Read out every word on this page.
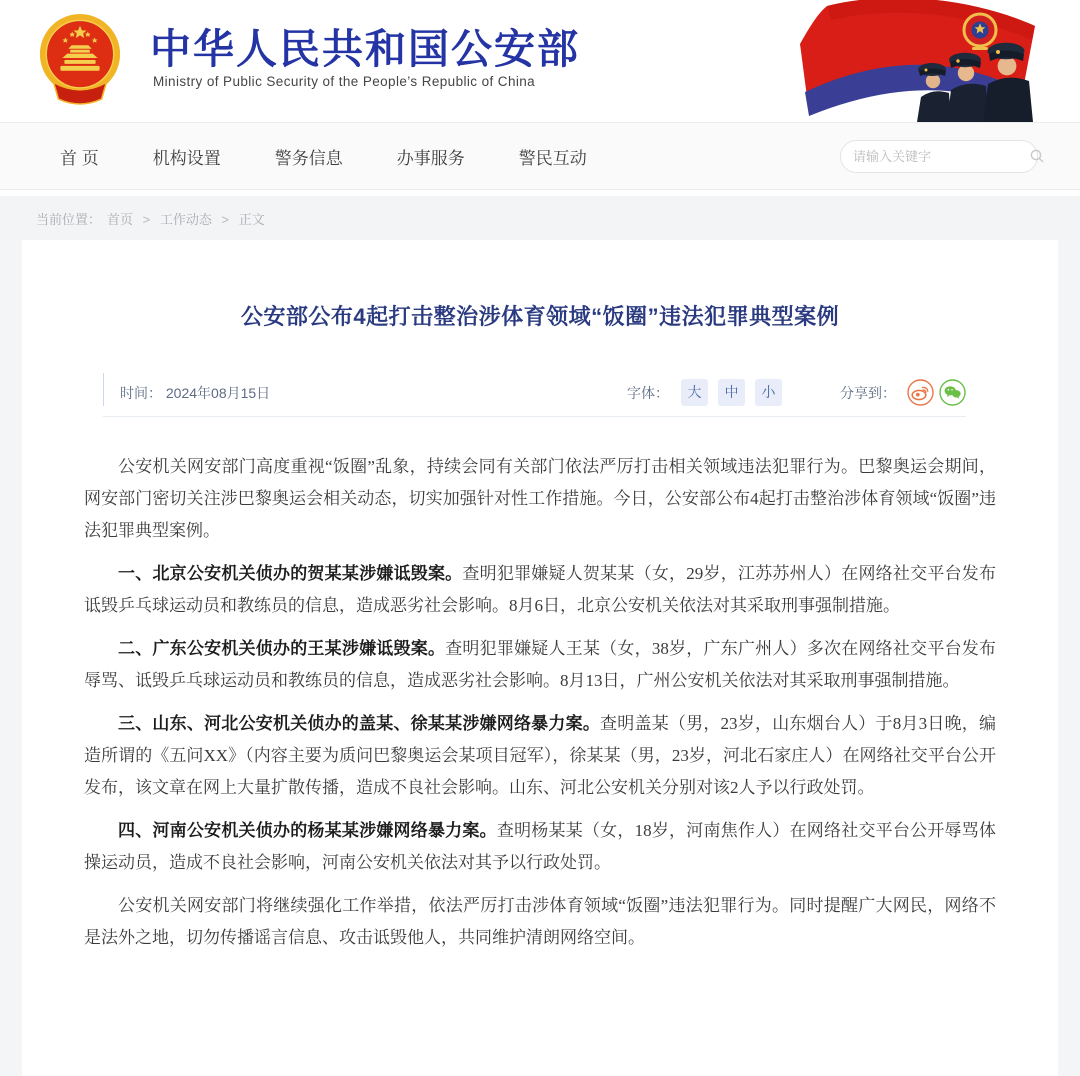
中华人民共和国公安部
Ministry of Public Security of the People’s Republic of China
首 页	机构设置	警务信息	办事服务	警民互动
请输入关键字
当前位置： 首页 > 工作动态 > 正文
公安部公布4起打击整治涉体育领域“饭圈”违法犯罪典型案例
时间： 2024年08月15日	字体：	大 中 小	分享到：

公安机关网安部门高度重视“饭圈”乱象，持续会同有关部门依法严厉打击相关领域违法犯罪行为。巴黎奥运会期间，网安部门密切关注涉巴黎奥运会相关动态，切实加强针对性工作措施。今日，公安部公布4起打击整治涉体育领域“饭圈”违法犯罪典型案例。

一、北京公安机关侦办的贺某某涉嫌诋毁案。查明犯罪嫌疑人贺某某（女，29岁，江苏苏州人）在网络社交平台发布诋毁乒乓球运动员和教练员的信息，造成恶劣社会影响。8月6日，北京公安机关依法对其采取刑事强制措施。

二、广东公安机关侦办的王某涉嫌诋毁案。查明犯罪嫌疑人王某（女，38岁，广东广州人）多次在网络社交平台发布辱骂、诋毁乒乓球运动员和教练员的信息，造成恶劣社会影响。8月13日，广州公安机关依法对其采取刑事强制措施。

三、山东、河北公安机关侦办的盖某、徐某某涉嫌网络暴力案。查明盖某（男，23岁，山东烟台人）于8月3日晚，编造所谓的《五问XX》（内容主要为质问巴黎奥运会某项目冠军），徐某某（男，23岁，河北石家庄人）在网络社交平台公开发布，该文章在网上大量扩散传播，造成不良社会影响。山东、河北公安机关分别对该2人予以行政处罚。

四、河南公安机关侦办的杨某某涉嫌网络暴力案。查明杨某某（女，18岁，河南焦作人）在网络社交平台公开辱骂体操运动员，造成不良社会影响，河南公安机关依法对其予以行政处罚。

公安机关网安部门将继续强化工作举措，依法严厉打击涉体育领域“饭圈”违法犯罪行为。同时提醒广大网民，网络不是法外之地，切勿传播谣言信息、攻击诋毁他人，共同维护清朗网络空间。
